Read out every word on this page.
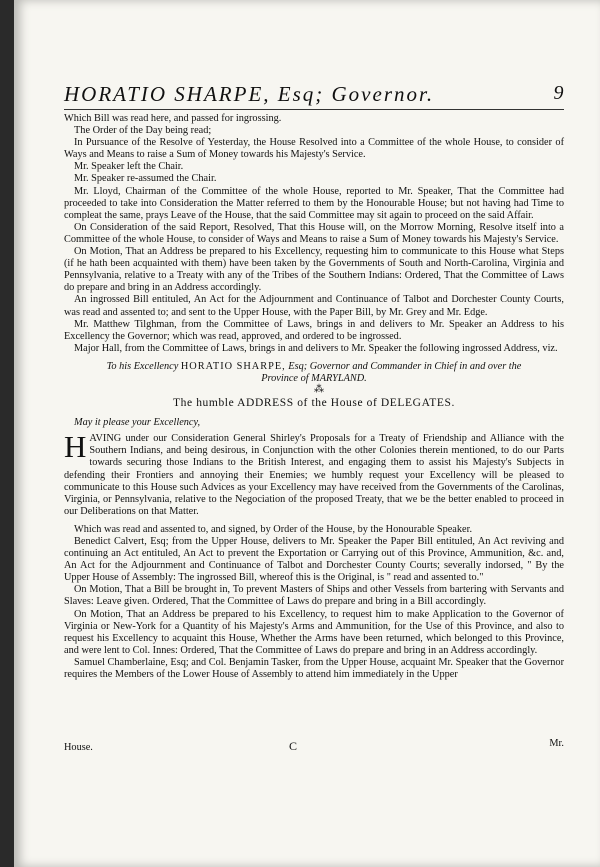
HORATIO SHARPE, Esq; Governor.	9

Which Bill was read here, and passed for ingrossing.

The Order of the Day being read;

In Pursuance of the Resolve of Yesterday, the House Resolved into a Committee of the whole House, to consider of Ways and Means to raise a Sum of Money towards his Majesty's Service.

Mr. Speaker left the Chair.

Mr. Speaker re-assumed the Chair.

Mr. Lloyd, Chairman of the Committee of the whole House, reported to Mr. Speaker, That the Committee had proceeded to take into Consideration the Matter referred to them by the Honourable House; but not having had Time to compleat the same, prays Leave of the House, that the said Committee may sit again to proceed on the said Affair.

On Consideration of the said Report, Resolved, That this House will, on the Morrow Morning, Resolve itself into a Committee of the whole House, to consider of Ways and Means to raise a Sum of Money towards his Majesty's Service.

On Motion, That an Address be prepared to his Excellency, requesting him to communicate to this House what Steps (if he hath been acquainted with them) have been taken by the Governments of South and North-Carolina, Virginia and Pennsylvania, relative to a Treaty with any of the Tribes of the Southern Indians: Ordered, That the Committee of Laws do prepare and bring in an Address accordingly.

An ingrossed Bill entituled, An Act for the Adjournment and Continuance of Talbot and Dorchester County Courts, was read and assented to; and sent to the Upper House, with the Paper Bill, by Mr. Grey and Mr. Edge.

Mr. Matthew Tilghman, from the Committee of Laws, brings in and delivers to Mr. Speaker an Address to his Excellency the Governor; which was read, approved, and ordered to be ingrossed.

Major Hall, from the Committee of Laws, brings in and delivers to Mr. Speaker the following ingrossed Address, viz.

To his Excellency HORATIO SHARPE, Esq; Governor and Commander in Chief in and over the
Province of MARYLAND.

⁂

The humble ADDRESS of the House of DELEGATES.

May it please your Excellency,

HAVING under our Consideration General Shirley's Proposals for a Treaty of Friendship and Alliance with the Southern Indians, and being desirous, in Conjunction with the other Colonies therein mentioned, to do our Parts towards securing those Indians to the British Interest, and engaging them to assist his Majesty's Subjects in defending their Frontiers and annoying their Enemies; we humbly request your Excellency will be pleased to communicate to this House such Advices as your Excellency may have received from the Governments of the Carolinas, Virginia, or Pennsylvania, relative to the Negociation of the proposed Treaty, that we be the better enabled to proceed in our Deliberations on that Matter.

Which was read and assented to, and signed, by Order of the House, by the Honourable Speaker.

Benedict Calvert, Esq; from the Upper House, delivers to Mr. Speaker the Paper Bill entituled, An Act reviving and continuing an Act entituled, An Act to prevent the Exportation or Carrying out of this Province, Ammunition, &c. and, An Act for the Adjournment and Continuance of Talbot and Dorchester County Courts; severally indorsed, " By the Upper House of Assembly: The ingrossed Bill, whereof this is the Original, is " read and assented to."

On Motion, That a Bill be brought in, To prevent Masters of Ships and other Vessels from bartering with Servants and Slaves: Leave given. Ordered, That the Committee of Laws do prepare and bring in a Bill accordingly.

On Motion, That an Address be prepared to his Excellency, to request him to make Application to the Governor of Virginia or New-York for a Quantity of his Majesty's Arms and Ammunition, for the Use of this Province, and also to request his Excellency to acquaint this House, Whether the Arms have been returned, which belonged to this Province, and were lent to Col. Innes: Ordered, That the Committee of Laws do prepare and bring in an Address accordingly.

Samuel Chamberlaine, Esq; and Col. Benjamin Tasker, from the Upper House, acquaint Mr. Speaker that the Governor requires the Members of the Lower House of Assembly to attend him immediately in the Upper

House.	C	Mr.
